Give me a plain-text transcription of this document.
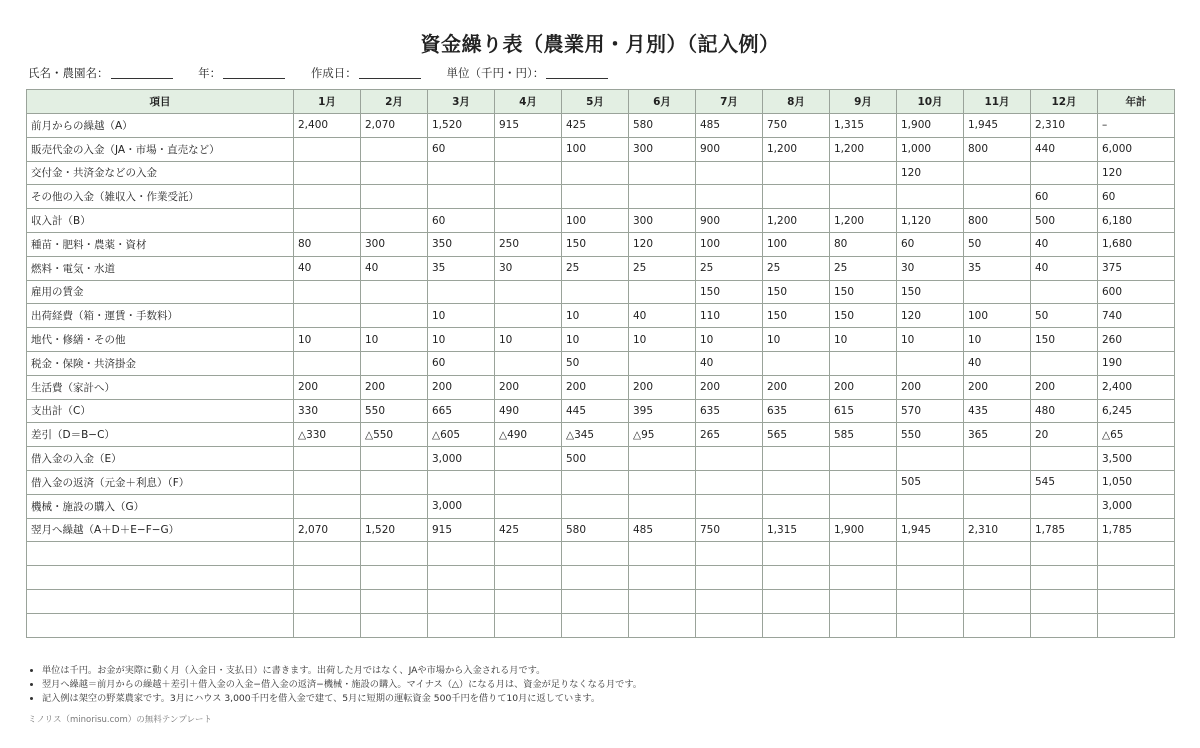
資金繰り表（農業用・月別）（記入例）
氏名・農園名：	年：	作成日：	単位（千円・円）：
項目	1月	2月	3月	4月	5月	6月	7月	8月	9月	10月	11月	12月	年計
前月からの繰越（A）	2,400	2,070	1,520	915	425	580	485	750	1,315	1,900	1,945	2,310	–
販売代金の入金（JA・市場・直売など）			60		100	300	900	1,200	1,200	1,000	800	440	6,000
交付金・共済金などの入金										120			120
その他の入金（雑収入・作業受託）												60	60
収入計（B）			60		100	300	900	1,200	1,200	1,120	800	500	6,180
種苗・肥料・農薬・資材	80	300	350	250	150	120	100	100	80	60	50	40	1,680
燃料・電気・水道	40	40	35	30	25	25	25	25	25	30	35	40	375
雇用の賃金							150	150	150	150			600
出荷経費（箱・運賃・手数料）			10		10	40	110	150	150	120	100	50	740
地代・修繕・その他	10	10	10	10	10	10	10	10	10	10	10	150	260
税金・保険・共済掛金			60		50		40				40		190
生活費（家計へ）	200	200	200	200	200	200	200	200	200	200	200	200	2,400
支出計（C）	330	550	665	490	445	395	635	635	615	570	435	480	6,245
差引（D＝B−C）	△330	△550	△605	△490	△345	△95	265	565	585	550	365	20	△65
借入金の入金（E）			3,000		500								3,500
借入金の返済（元金＋利息）（F）										505		545	1,050
機械・施設の購入（G）			3,000										3,000
翌月へ繰越（A＋D＋E−F−G）	2,070	1,520	915	425	580	485	750	1,315	1,900	1,945	2,310	1,785	1,785

• 単位は千円。お金が実際に動く月（入金日・支払日）に書きます。出荷した月ではなく、JAや市場から入金される月です。
• 翌月へ繰越＝前月からの繰越＋差引＋借入金の入金−借入金の返済−機械・施設の購入。マイナス（△）になる月は、資金が足りなくなる月です。
• 記入例は架空の野菜農家です。3月にハウス 3,000千円を借入金で建て、5月に短期の運転資金 500千円を借りて10月に返しています。
ミノリス（minorisu.com）の無料テンプレート
